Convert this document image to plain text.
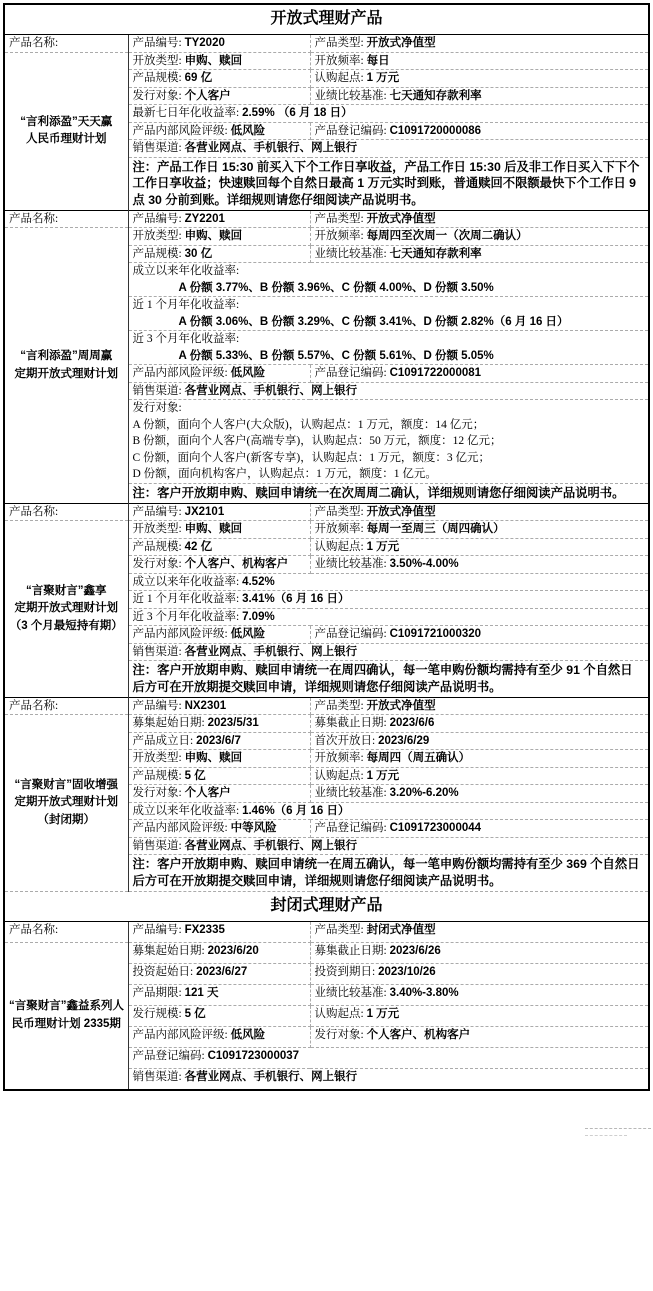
开放式理财产品		
产品名称:	产品编号: TY2020	产品类型: 开放式净值型

“言利添盈”天天赢
人民币理财计划	开放类型: 申购、赎回	开放频率: 每日

	产品规模: 69 亿	认购起点: 1 万元

	发行对象: 个人客户	业绩比较基准: 七天通知存款利率

	最新七日年化收益率: 2.59% （6 月 18 日）	

	产品内部风险评级: 低风险	产品登记编码: C1091720000086

	销售渠道: 各营业网点、手机银行、网上银行	

	注：产品工作日 15:30 前买入下个工作日享收益，产品工作日 15:30 后及非工作日买入下下个工作日享收益；快速赎回每个自然日最高 1 万元实时到账，普通赎回不限额最快下个工作日 9 点 30 分前到账。详细规则请您仔细阅读产品说明书。	
产品名称:	产品编号: ZY2201	产品类型: 开放式净值型

“言利添盈”周周赢
定期开放式理财计划	开放类型: 申购、赎回	开放频率: 每周四至次周一（次周二确认）

	产品规模: 30 亿	业绩比较基准: 七天通知存款利率

	成立以来年化收益率:
A 份额 3.77%、B 份额 3.96%、C 份额 4.00%、D 份额 3.50%	

	近 1 个月年化收益率:
A 份额 3.06%、B 份额 3.29%、C 份额 3.41%、D 份额 2.82%（6 月 16 日）	

	近 3 个月年化收益率:
A 份额 5.33%、B 份额 5.57%、C 份额 5.61%、D 份额 5.05%	

	产品内部风险评级: 低风险	产品登记编码: C1091722000081

	销售渠道: 各营业网点、手机银行、网上银行	

	发行对象:
A 份额，面向个人客户(大众版)，认购起点：1 万元，额度：14 亿元；
B 份额，面向个人客户(高端专享)，认购起点：50 万元，额度：12 亿元；
C 份额，面向个人客户(新客专享)，认购起点：1 万元，额度：3 亿元；
D 份额，面向机构客户，认购起点：1 万元，额度：1 亿元。	

	注：客户开放期申购、赎回申请统一在次周周二确认，详细规则请您仔细阅读产品说明书。	
产品名称:	产品编号: JX2101	产品类型: 开放式净值型

“言聚财言”鑫享
定期开放式理财计划
（3 个月最短持有期）	开放类型: 申购、赎回	开放频率: 每周一至周三（周四确认）

	产品规模: 42 亿	认购起点: 1 万元

	发行对象: 个人客户、机构客户	业绩比较基准: 3.50%-4.00%

	成立以来年化收益率: 4.52%	

	近 1 个月年化收益率: 3.41%（6 月 16 日）	

	近 3 个月年化收益率: 7.09%	

	产品内部风险评级: 低风险	产品登记编码: C1091721000320

	销售渠道: 各营业网点、手机银行、网上银行	

	注：客户开放期申购、赎回申请统一在周四确认，每一笔申购份额均需持有至少 91 个自然日后方可在开放期提交赎回申请，详细规则请您仔细阅读产品说明书。	
产品名称:	产品编号: NX2301	产品类型: 开放式净值型

“言聚财言”固收增强
定期开放式理财计划
（封闭期）	募集起始日期: 2023/5/31	募集截止日期: 2023/6/6

	产品成立日: 2023/6/7	首次开放日: 2023/6/29

	开放类型: 申购、赎回	开放频率: 每周四（周五确认）

	产品规模: 5 亿	认购起点: 1 万元

	发行对象: 个人客户	业绩比较基准: 3.20%-6.20%

	成立以来年化收益率: 1.46%（6 月 16 日）	

	产品内部风险评级: 中等风险	产品登记编码: C1091723000044

	销售渠道: 各营业网点、手机银行、网上银行	

	注：客户开放期申购、赎回申请统一在周五确认，每一笔申购份额均需持有至少 369 个自然日后方可在开放期提交赎回申请，详细规则请您仔细阅读产品说明书。	
封闭式理财产品		
产品名称:	产品编号: FX2335	产品类型: 封闭式净值型

“言聚财言”鑫益系列人
民币理财计划 2335期	募集起始日期: 2023/6/20	募集截止日期: 2023/6/26

	投资起始日: 2023/6/27	投资到期日: 2023/10/26

	产品期限: 121 天	业绩比较基准: 3.40%-3.80%

	发行规模: 5 亿	认购起点: 1 万元

	产品内部风险评级: 低风险	发行对象: 个人客户、机构客户

	产品登记编码: C1091723000037	

	销售渠道: 各营业网点、手机银行、网上银行	
